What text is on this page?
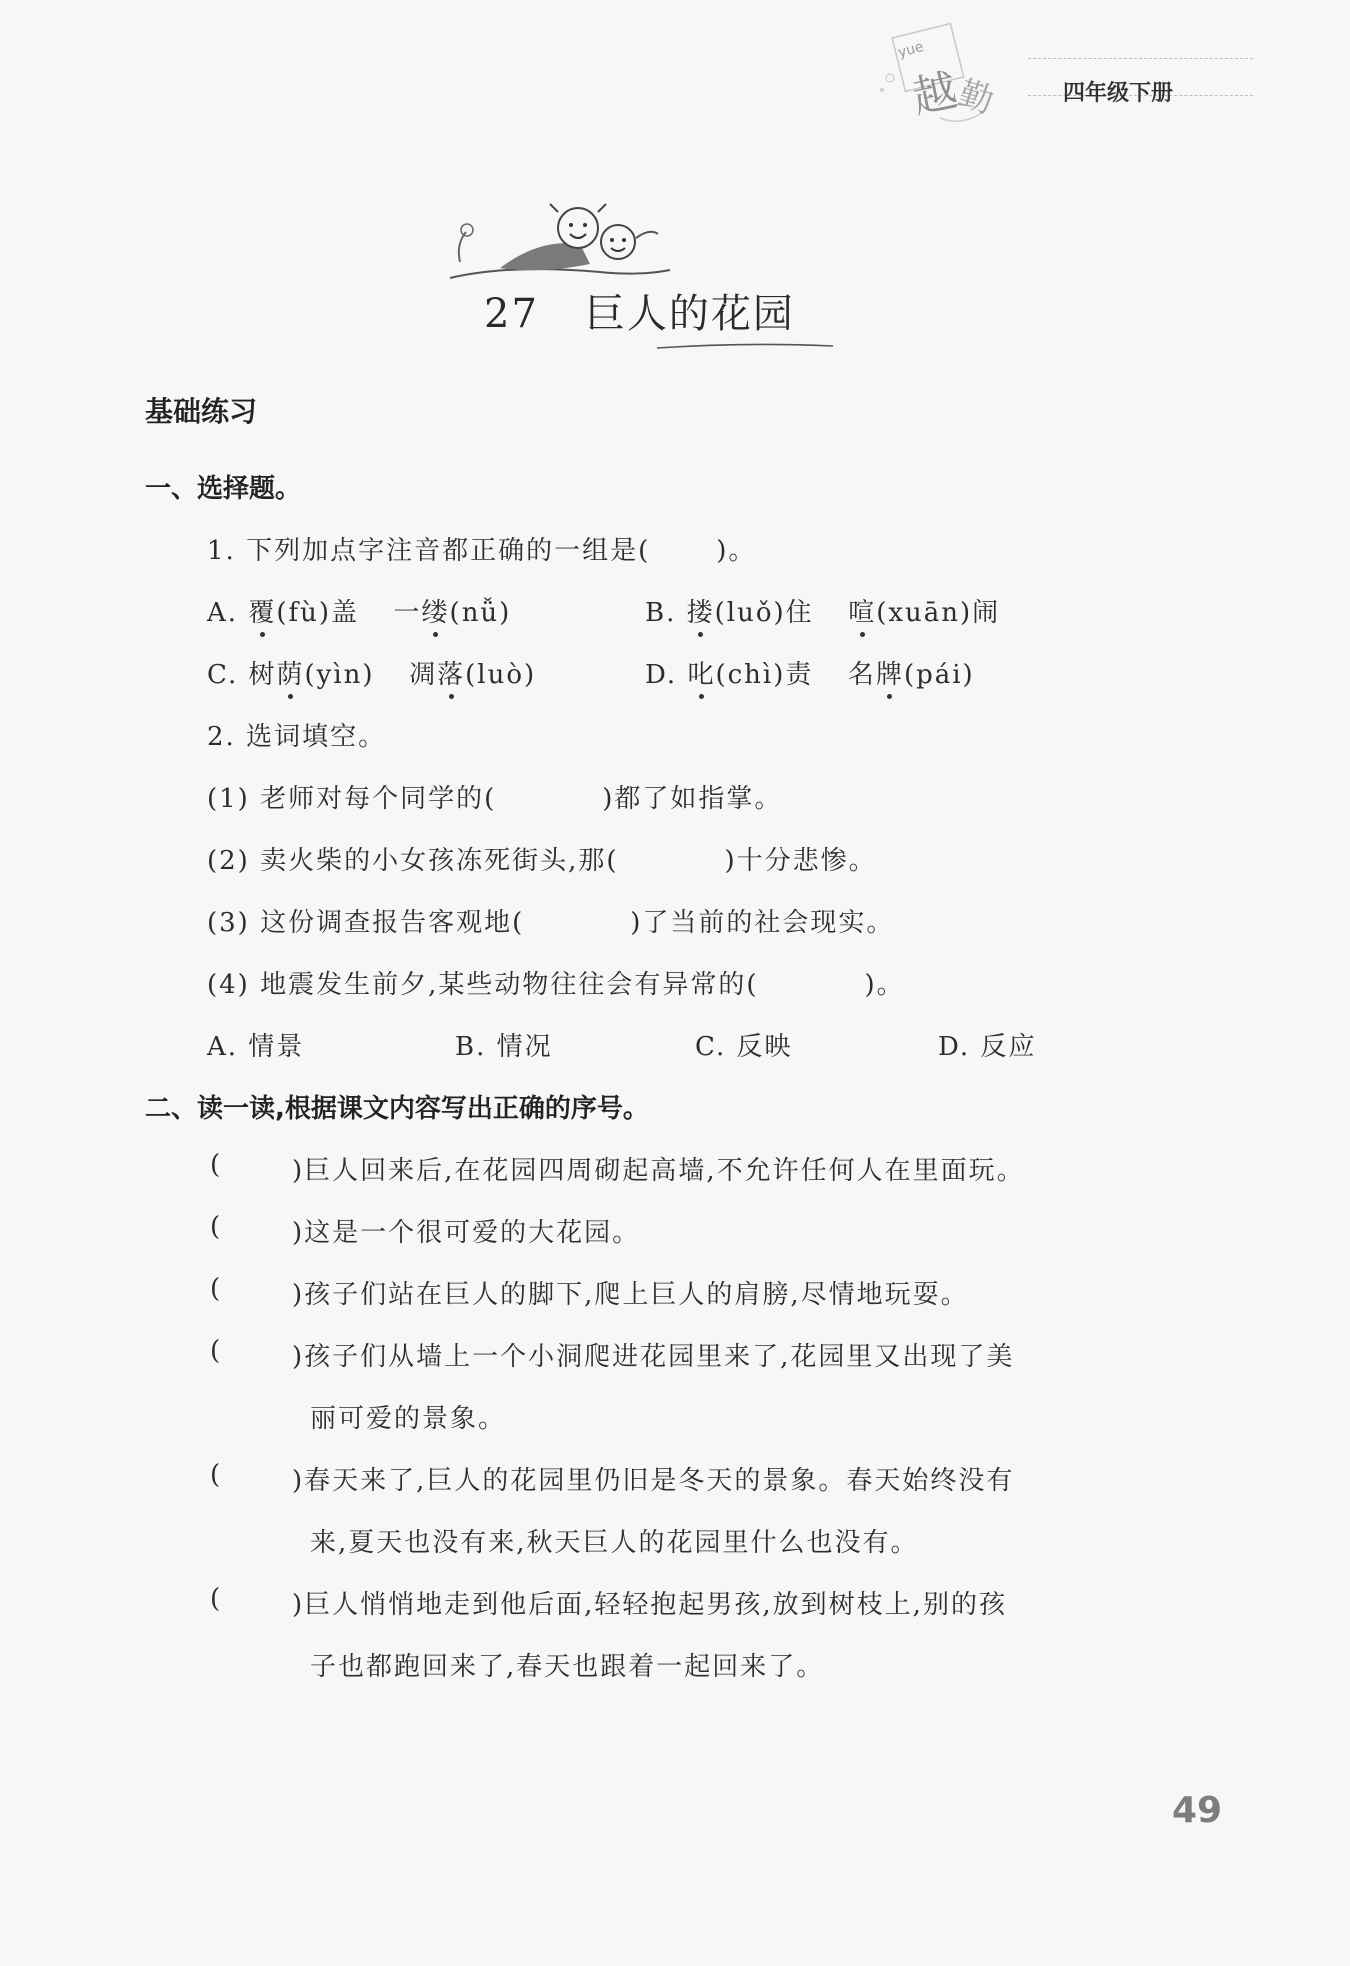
yue
越
勤	四年级下册
27 巨人的花园
基础练习
一、选择题。
1. 下列加点字注音都正确的一组是(	)。
A. 覆(fù)盖 一缕(nǚ)	B. 搂(luǒ)住 喧(xuān)闹
C. 树荫(yìn) 凋落(luò)	D. 叱(chì)责 名牌(pái)
2. 选词填空。
(1) 老师对每个同学的(	)都了如指掌。
(2) 卖火柴的小女孩冻死街头,那(	)十分悲惨。
(3) 这份调查报告客观地(	)了当前的社会现实。
(4) 地震发生前夕,某些动物往往会有异常的(	)。
A. 情景	B. 情况	C. 反映	D. 反应
二、读一读,根据课文内容写出正确的序号。
(	)巨人回来后,在花园四周砌起高墙,不允许任何人在里面玩。
(	)这是一个很可爱的大花园。
(	)孩子们站在巨人的脚下,爬上巨人的肩膀,尽情地玩耍。
(	)孩子们从墙上一个小洞爬进花园里来了,花园里又出现了美
丽可爱的景象。
(	)春天来了,巨人的花园里仍旧是冬天的景象。春天始终没有
来,夏天也没有来,秋天巨人的花园里什么也没有。
(	)巨人悄悄地走到他后面,轻轻抱起男孩,放到树枝上,别的孩
子也都跑回来了,春天也跟着一起回来了。
49
